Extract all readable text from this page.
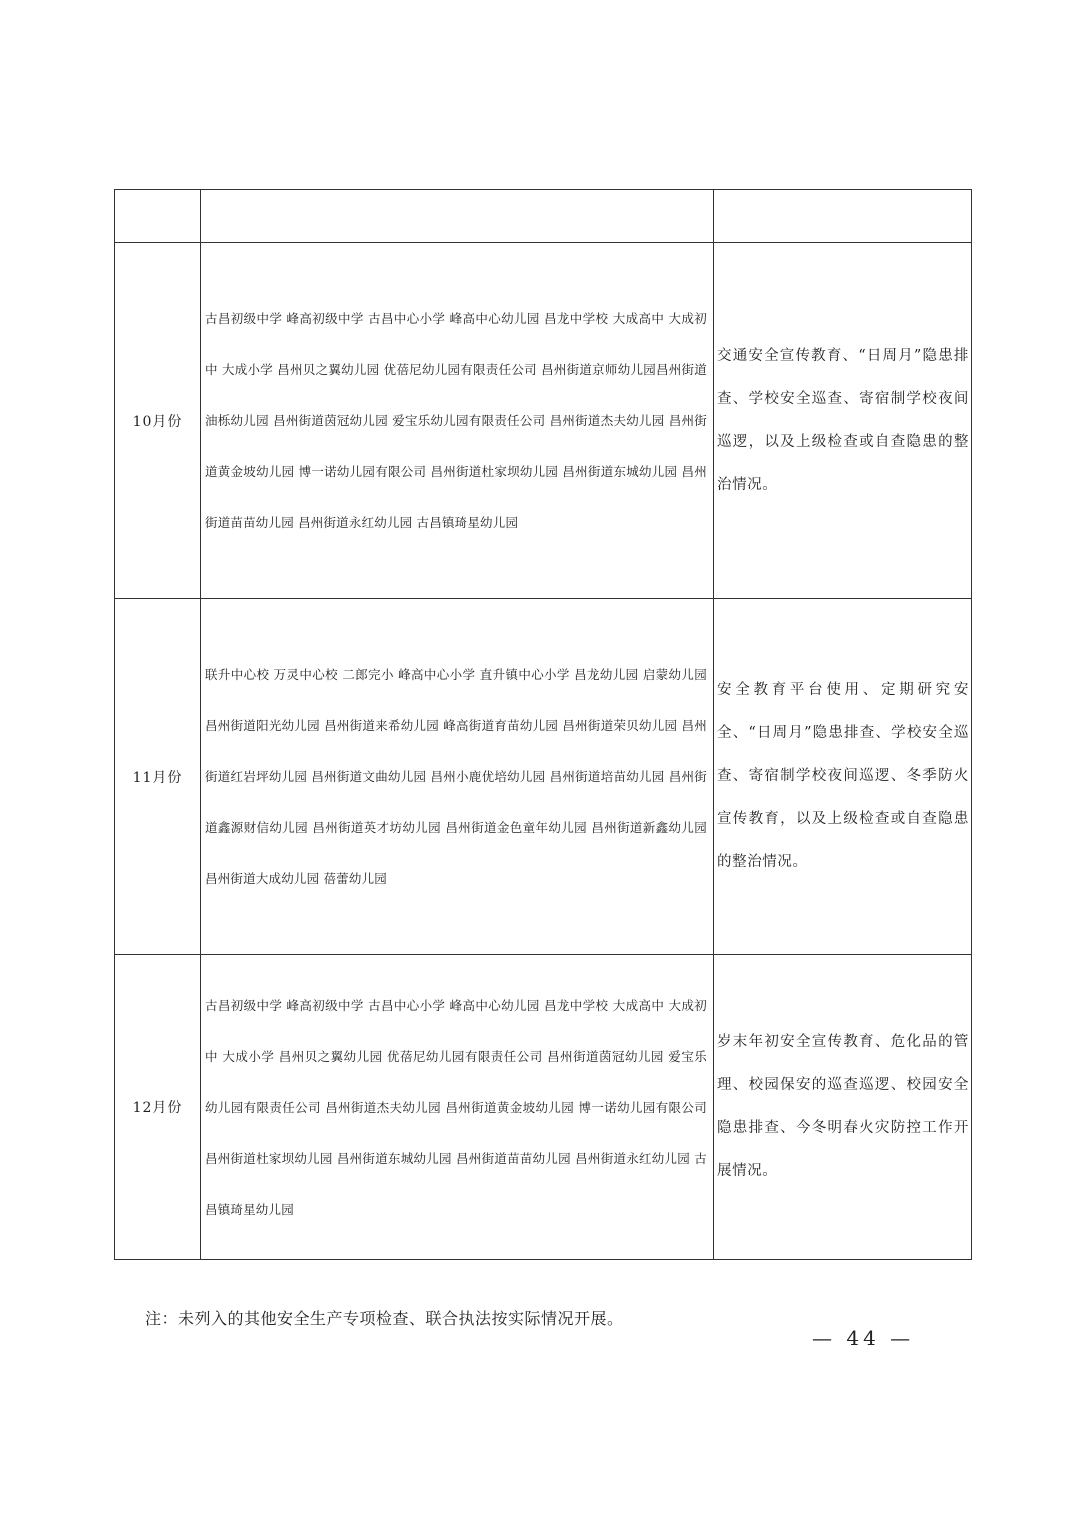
10月份	古昌初级中学 峰高初级中学 古昌中心小学 峰高中心幼儿园 昌龙中学校 大成高中 大成初中 大成小学 昌州贝之翼幼儿园 优蓓尼幼儿园有限责任公司 昌州街道京师幼儿园昌州街道油栎幼儿园 昌州街道茵冠幼儿园 爱宝乐幼儿园有限责任公司 昌州街道杰夫幼儿园 昌州街道黄金坡幼儿园 博一诺幼儿园有限公司 昌州街道杜家坝幼儿园 昌州街道东城幼儿园 昌州街道苗苗幼儿园 昌州街道永红幼儿园 古昌镇琦星幼儿园	交通安全宣传教育、“日周月”隐患排查、学校安全巡查、寄宿制学校夜间巡逻，以及上级检查或自查隐患的整治情况。
11月份	联升中心校 万灵中心校 二郎完小 峰高中心小学 直升镇中心小学 昌龙幼儿园 启蒙幼儿园 昌州街道阳光幼儿园 昌州街道来希幼儿园 峰高街道育苗幼儿园 昌州街道荣贝幼儿园 昌州街道红岩坪幼儿园 昌州街道文曲幼儿园 昌州小鹿优培幼儿园 昌州街道培苗幼儿园 昌州街道鑫源财信幼儿园 昌州街道英才坊幼儿园 昌州街道金色童年幼儿园 昌州街道新鑫幼儿园 昌州街道大成幼儿园 蓓蕾幼儿园	安全教育平台使用、定期研究安全、“日周月”隐患排查、学校安全巡查、寄宿制学校夜间巡逻、冬季防火宣传教育，以及上级检查或自查隐患的整治情况。
12月份	古昌初级中学 峰高初级中学 古昌中心小学 峰高中心幼儿园 昌龙中学校 大成高中 大成初中 大成小学 昌州贝之翼幼儿园 优蓓尼幼儿园有限责任公司 昌州街道茵冠幼儿园 爱宝乐幼儿园有限责任公司 昌州街道杰夫幼儿园 昌州街道黄金坡幼儿园 博一诺幼儿园有限公司 昌州街道杜家坝幼儿园 昌州街道东城幼儿园 昌州街道苗苗幼儿园 昌州街道永红幼儿园 古昌镇琦星幼儿园	岁末年初安全宣传教育、危化品的管理、校园保安的巡查巡逻、校园安全隐患排查、今冬明春火灾防控工作开展情况。
注：未列入的其他安全生产专项检查、联合执法按实际情况开展。
— 44 —
